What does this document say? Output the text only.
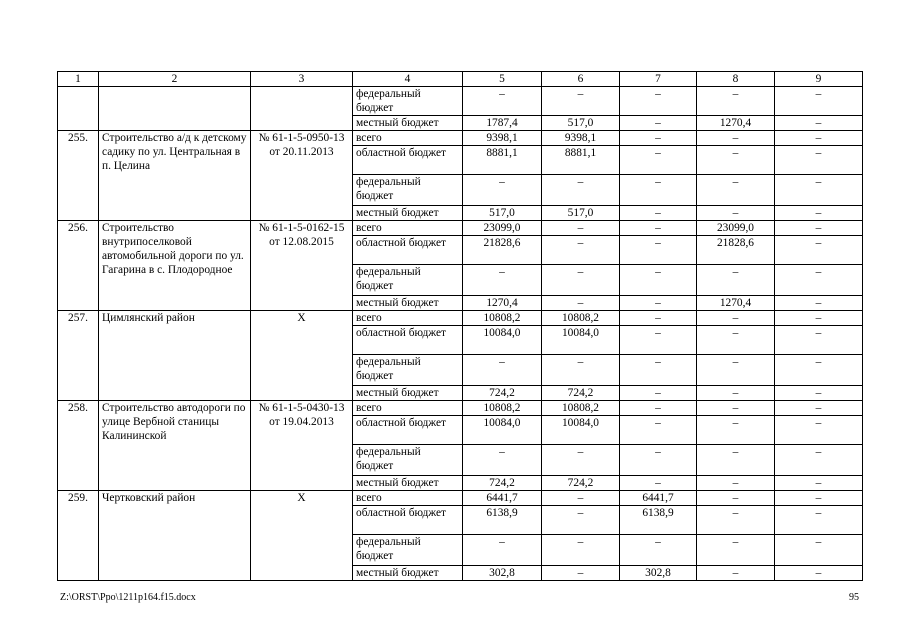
1	2	3	4	5	6	7	8	9
			федеральный бюджет	–	–	–	–	–
			местный бюджет	1787,4	517,0	–	1270,4	–
255.	Строительство а/д к детскому садику по ул. Центральная в п. Целина	№ 61-1-5-0950-13 от 20.11.2013	всего	9398,1	9398,1	–	–	–
			областной бюджет	8881,1	8881,1	–	–	–
			федеральный бюджет	–	–	–	–	–
			местный бюджет	517,0	517,0	–	–	–
256.	Строительство внутрипоселковой автомобильной дороги по ул. Гагарина в с. Плодородное	№ 61-1-5-0162-15 от 12.08.2015	всего	23099,0	–	–	23099,0	–
			областной бюджет	21828,6	–	–	21828,6	–
			федеральный бюджет	–	–	–	–	–
			местный бюджет	1270,4	–	–	1270,4	–
257.	Цимлянский район	Х	всего	10808,2	10808,2	–	–	–
			областной бюджет	10084,0	10084,0	–	–	–
			федеральный бюджет	–	–	–	–	–
			местный бюджет	724,2	724,2	–	–	–
258.	Строительство автодороги по улице Вербной станицы Калининской	№ 61-1-5-0430-13 от 19.04.2013	всего	10808,2	10808,2	–	–	–
			областной бюджет	10084,0	10084,0	–	–	–
			федеральный бюджет	–	–	–	–	–
			местный бюджет	724,2	724,2	–	–	–
259.	Чертковский район	Х	всего	6441,7	–	6441,7	–	–
			областной бюджет	6138,9	–	6138,9	–	–
			федеральный бюджет	–	–	–	–	–
			местный бюджет	302,8	–	302,8	–	–
Z:\ORST\Ppo\1211p164.f15.docx	95
